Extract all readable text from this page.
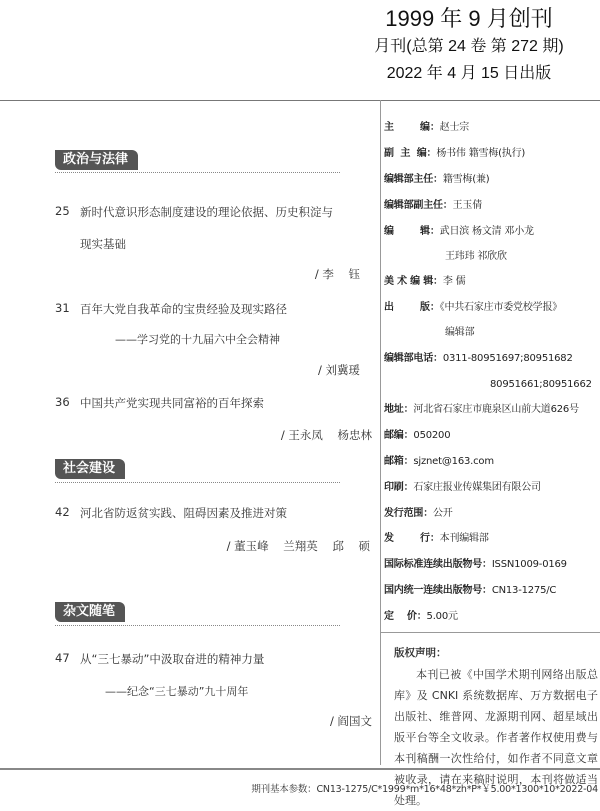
1999 年 9 月创刊
月刊(总第 24 卷 第 272 期)
2022 年 4 月 15 日出版
政治与法律
25 新时代意识形态制度建设的理论依据、历史积淀与
现实基础
/ 李    钰
31 百年大党自我革命的宝贵经验及现实路径
——学习党的十九届六中全会精神
/ 刘冀瑗
36 中国共产党实现共同富裕的百年探索
/ 王永凤    杨忠林
社会建设
42 河北省防返贫实践、阻碍因素及推进对策
/ 董玉峰    兰翔英    邱    硕
杂文随笔
47 从“三七暴动”中汲取奋进的精神力量
——纪念“三七暴动”九十周年
/ 阎国文
主        编：赵士宗
副  主  编：杨书伟 籍雪梅(执行)
编辑部主任：籍雪梅(兼)
编辑部副主任：王玉倩
编        辑：武日滨 杨文清 邓小龙
王玮玮 祁欣欣
美 术 编 辑：李 儒
出        版：《中共石家庄市委党校学报》
编辑部
编辑部电话：0311-80951697;80951682
80951661;80951662
地址：河北省石家庄市鹿泉区山前大道626号
邮编：050200
邮箱：sjznet@163.com
印刷：石家庄报业传媒集团有限公司
发行范围：公开
发        行：本刊编辑部
国际标准连续出版物号：ISSN1009-0169
国内统一连续出版物号：CN13-1275/C
定    价：5.00元
版权声明：
本刊已被《中国学术期刊网络出版总库》及 CNKI 系统数据库、万方数据电子出版社、维普网、龙源期刊网、超星域出版平台等全文收录。作者著作权使用费与本刊稿酬一次性给付，如作者不同意文章被收录，请在来稿时说明，本刊将做适当处理。
期刊基本参数：CN13-1275/C*1999*m*16*48*zh*P*￥5.00*1300*10*2022-04
